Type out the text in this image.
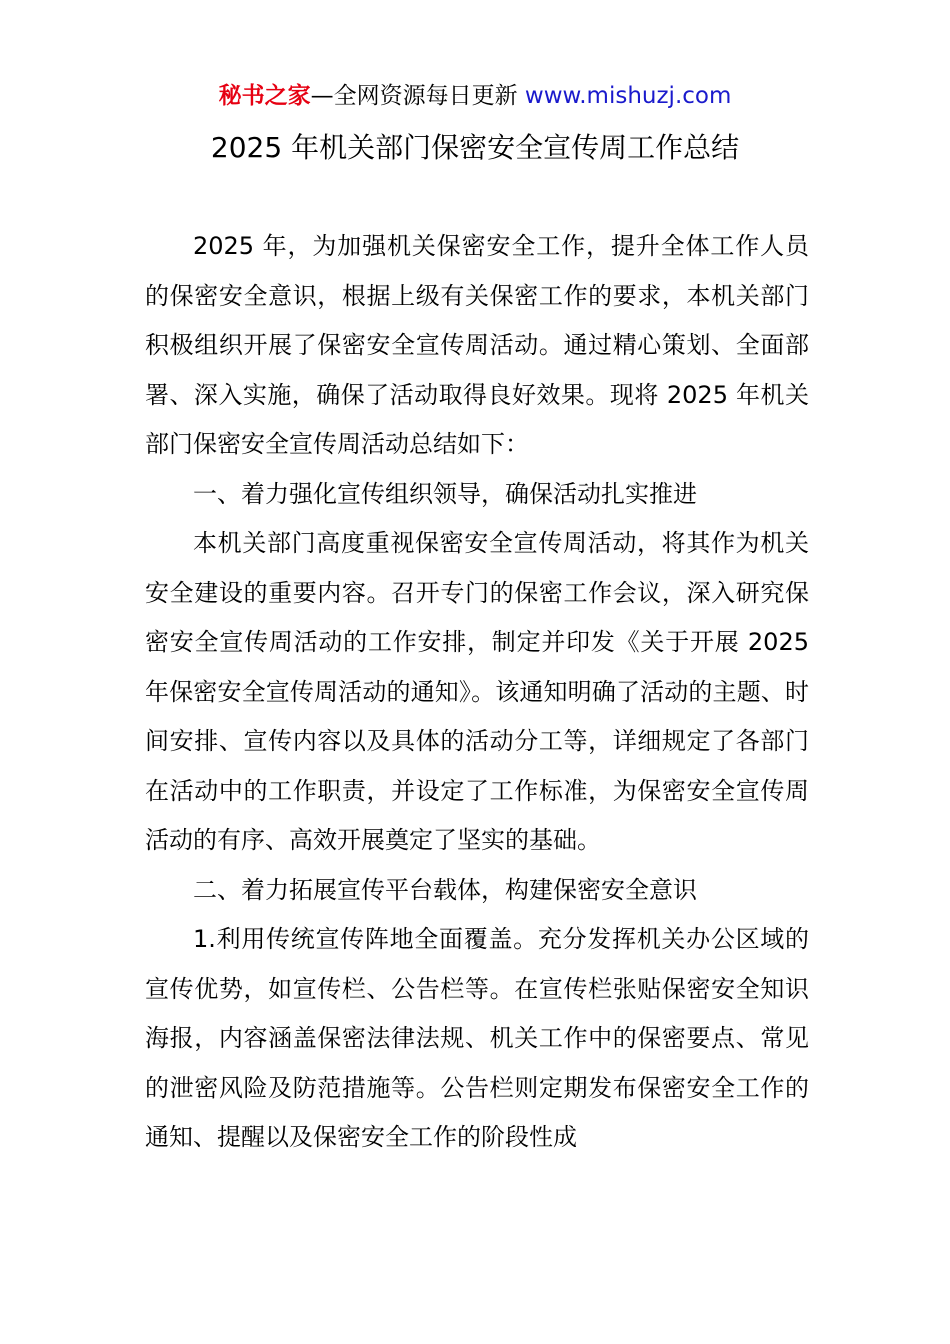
秘书之家—全网资源每日更新 www.mishuzj.com
2025 年机关部门保密安全宣传周工作总结

2025 年，为加强机关保密安全工作，提升全体工作人员的保密安全意识，根据上级有关保密工作的要求，本机关部门积极组织开展了保密安全宣传周活动。通过精心策划、全面部署、深入实施，确保了活动取得良好效果。现将 2025 年机关部门保密安全宣传周活动总结如下：

一、着力强化宣传组织领导，确保活动扎实推进

本机关部门高度重视保密安全宣传周活动，将其作为机关安全建设的重要内容。召开专门的保密工作会议，深入研究保密安全宣传周活动的工作安排，制定并印发《关于开展 2025 年保密安全宣传周活动的通知》。该通知明确了活动的主题、时间安排、宣传内容以及具体的活动分工等，详细规定了各部门在活动中的工作职责，并设定了工作标准，为保密安全宣传周活动的有序、高效开展奠定了坚实的基础。

二、着力拓展宣传平台载体，构建保密安全意识

1.利用传统宣传阵地全面覆盖。充分发挥机关办公区域的宣传优势，如宣传栏、公告栏等。在宣传栏张贴保密安全知识海报，内容涵盖保密法律法规、机关工作中的保密要点、常见的泄密风险及防范措施等。公告栏则定期发布保密安全工作的通知、提醒以及保密安全工作的阶段性成
